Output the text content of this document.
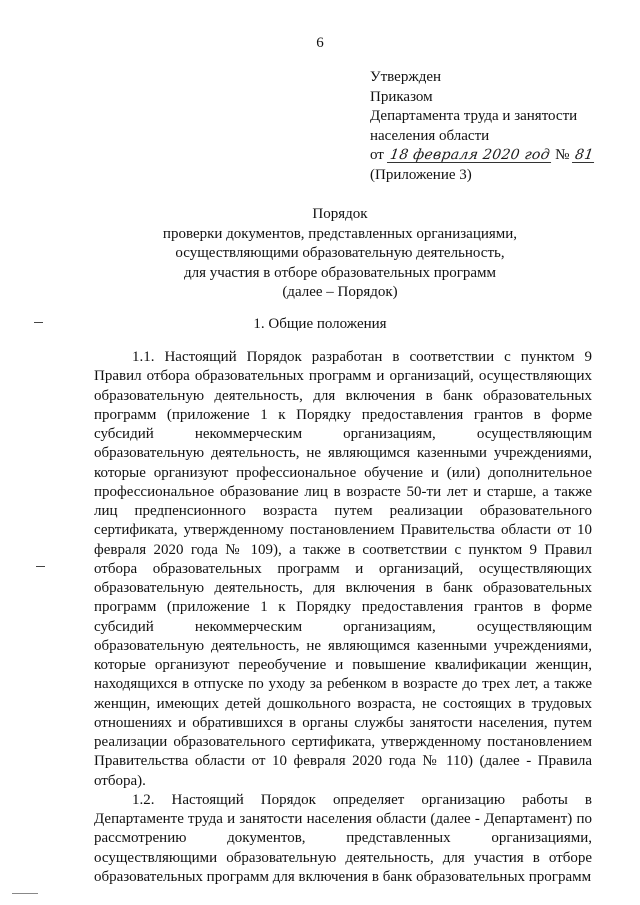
6
Утвержден
Приказом
Департамента труда и занятости
населения области
от 18 февраля 2020 год № 81
(Приложение 3)
Порядок
проверки документов, представленных организациями,
осуществляющими образовательную деятельность,
для участия в отборе образовательных программ
(далее – Порядок)
1. Общие положения

1.1. Настоящий Порядок разработан в соответствии с пунктом 9 Правил отбора образовательных программ и организаций, осуществляющих образовательную деятельность, для включения в банк образовательных программ (приложение 1 к Порядку предоставления грантов в форме субсидий некоммерческим организациям, осуществляющим образовательную деятельность, не являющимся казенными учреждениями, которые организуют профессиональное обучение и (или) дополнительное профессиональное образование лиц в возрасте 50-ти лет и старше, а также лиц предпенсионного возраста путем реализации образовательного сертификата, утвержденному постановлением Правительства области от 10 февраля 2020 года № 109), а также в соответствии с пунктом 9 Правил отбора образовательных программ и организаций, осуществляющих образовательную деятельность, для включения в банк образовательных программ (приложение 1 к Порядку предоставления грантов в форме субсидий некоммерческим организациям, осуществляющим образовательную деятельность, не являющимся казенными учреждениями, которые организуют переобучение и повышение квалификации женщин, находящихся в отпуске по уходу за ребенком в возрасте до трех лет, а также женщин, имеющих детей дошкольного возраста, не состоящих в трудовых отношениях и обратившихся в органы службы занятости населения, путем реализации образовательного сертификата, утвержденному постановлением Правительства области от 10 февраля 2020 года № 110) (далее - Правила отбора).

1.2. Настоящий Порядок определяет организацию работы в Департаменте труда и занятости населения области (далее - Департамент) по рассмотрению документов, представленных организациями, осуществляющими образовательную деятельность, для участия в отборе образовательных программ для включения в банк образовательных программ
